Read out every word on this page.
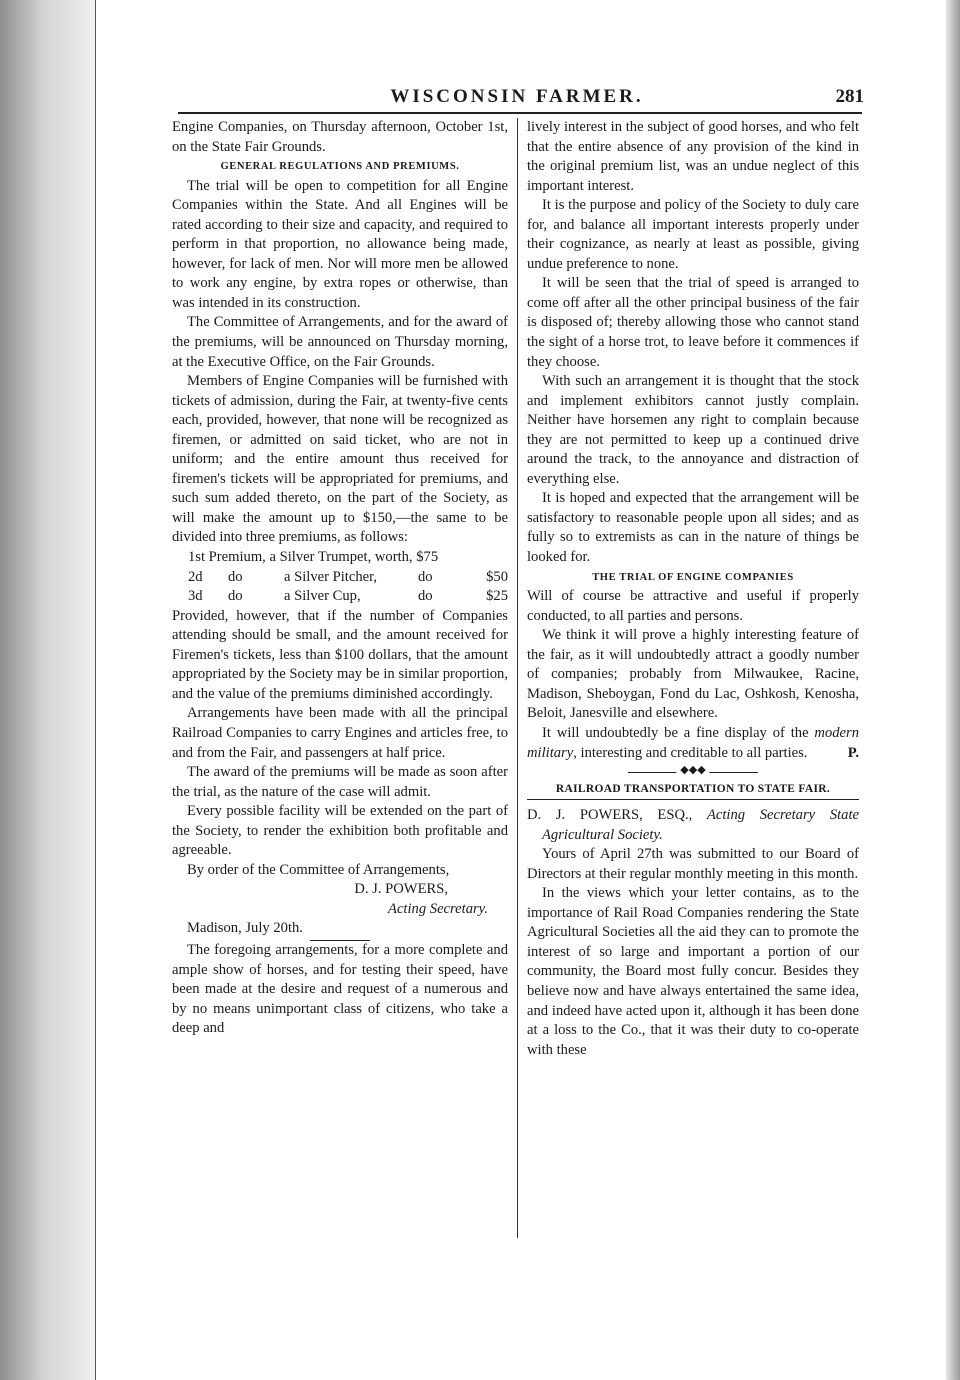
WISCONSIN FARMER.	281

Engine Companies, on Thursday afternoon, October 1st, on the State Fair Grounds.

GENERAL REGULATIONS AND PREMIUMS.

The trial will be open to competition for all Engine Companies within the State. And all Engines will be rated according to their size and capacity, and required to perform in that proportion, no allowance being made, however, for lack of men. Nor will more men be allowed to work any engine, by extra ropes or otherwise, than was intended in its construction.

The Committee of Arrangements, and for the award of the premiums, will be announced on Thursday morning, at the Executive Office, on the Fair Grounds.

Members of Engine Companies will be furnished with tickets of admission, during the Fair, at twenty-five cents each, provided, however, that none will be recognized as firemen, or admitted on said ticket, who are not in uniform; and the entire amount thus received for firemen's tickets will be appropriated for premiums, and such sum added thereto, on the part of the Society, as will make the amount up to $150,—the same to be divided into three premiums, as follows:

1st Premium, a Silver Trumpet, worth, $75
2d	do	a Silver Pitcher,	do	$50
3d	do	a Silver Cup,	do	$25

Provided, however, that if the number of Companies attending should be small, and the amount received for Firemen's tickets, less than $100 dollars, that the amount appropriated by the Society may be in similar proportion, and the value of the premiums diminished accordingly.

Arrangements have been made with all the principal Railroad Companies to carry Engines and articles free, to and from the Fair, and passengers at half price.

The award of the premiums will be made as soon after the trial, as the nature of the case will admit.

Every possible facility will be extended on the part of the Society, to render the exhibition both profitable and agreeable.

By order of the Committee of Arrangements,

D. J. POWERS,
Acting Secretary.
Madison, July 20th.

The foregoing arrangements, for a more complete and ample show of horses, and for testing their speed, have been made at the desire and request of a numerous and by no means unimportant class of citizens, who take a deep and

lively interest in the subject of good horses, and who felt that the entire absence of any provision of the kind in the original premium list, was an undue neglect of this important interest.

It is the purpose and policy of the Society to duly care for, and balance all important interests properly under their cognizance, as nearly at least as possible, giving undue preference to none.

It will be seen that the trial of speed is arranged to come off after all the other principal business of the fair is disposed of; thereby allowing those who cannot stand the sight of a horse trot, to leave before it commences if they choose.

With such an arrangement it is thought that the stock and implement exhibitors cannot justly complain. Neither have horsemen any right to complain because they are not permitted to keep up a continued drive around the track, to the annoyance and distraction of everything else.

It is hoped and expected that the arrangement will be satisfactory to reasonable people upon all sides; and as fully so to extremists as can in the nature of things be looked for.

THE TRIAL OF ENGINE COMPANIES

Will of course be attractive and useful if properly conducted, to all parties and persons.

We think it will prove a highly interesting feature of the fair, as it will undoubtedly attract a goodly number of companies; probably from Milwaukee, Racine, Madison, Sheboygan, Fond du Lac, Oshkosh, Kenosha, Beloit, Janesville and elsewhere.

It will undoubtedly be a fine display of the modern military, interesting and creditable to all parties.	P.

◆◆◆

RAILROAD TRANSPORTATION TO STATE FAIR.

D. J. POWERS, ESQ., Acting Secretary State Agricultural Society.

Yours of April 27th was submitted to our Board of Directors at their regular monthly meeting in this month.

In the views which your letter contains, as to the importance of Rail Road Companies rendering the State Agricultural Societies all the aid they can to promote the interest of so large and important a portion of our community, the Board most fully concur. Besides they believe now and have always entertained the same idea, and indeed have acted upon it, although it has been done at a loss to the Co., that it was their duty to co-operate with these
